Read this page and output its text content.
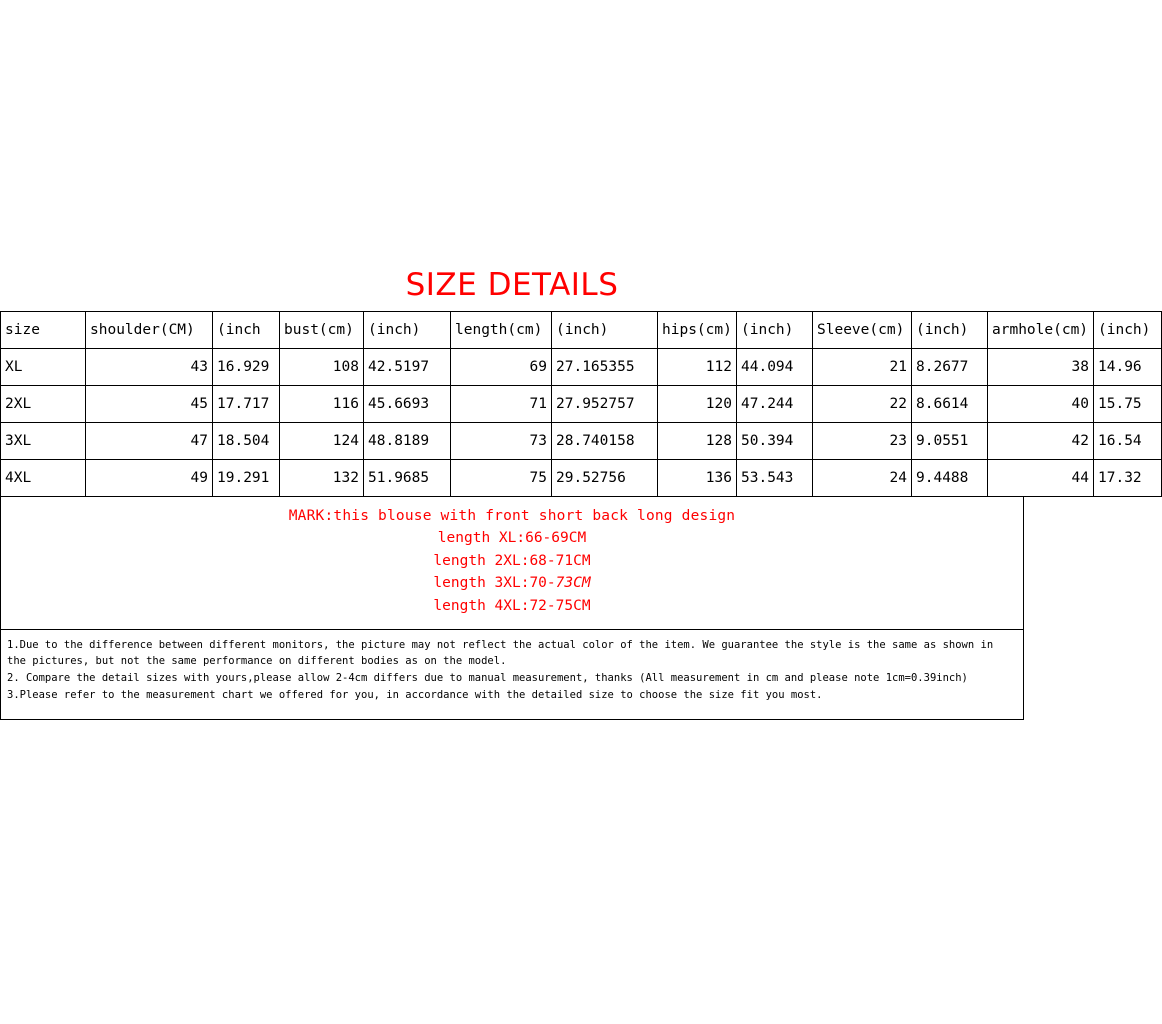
SIZE DETAILS
size	shoulder(CM)	(inch	bust(cm)	(inch)	length(cm)	(inch)	hips(cm)	(inch)	Sleeve(cm)	(inch)	armhole(cm)	(inch)
XL	43	16.929	108	42.5197	69	27.165355	112	44.094	21	8.2677	38	14.96
2XL	45	17.717	116	45.6693	71	27.952757	120	47.244	22	8.6614	40	15.75
3XL	47	18.504	124	48.8189	73	28.740158	128	50.394	23	9.0551	42	16.54
4XL	49	19.291	132	51.9685	75	29.52756	136	53.543	24	9.4488	44	17.32
MARK:this blouse with front short back long design
length XL:66-69CM
length 2XL:68-71CM
length 3XL:70-73CM
length 4XL:72-75CM

1.Due to the difference between different monitors, the picture may not reflect the actual color of the item. We guarantee the style is the same as shown in the pictures, but not the same performance on different bodies as on the model.

2. Compare the detail sizes with yours,please allow 2-4cm differs due to manual measurement, thanks (All measurement in cm and please note 1cm=0.39inch)

3.Please refer to the measurement chart we offered for you, in accordance with the detailed size to choose the size fit you most.
